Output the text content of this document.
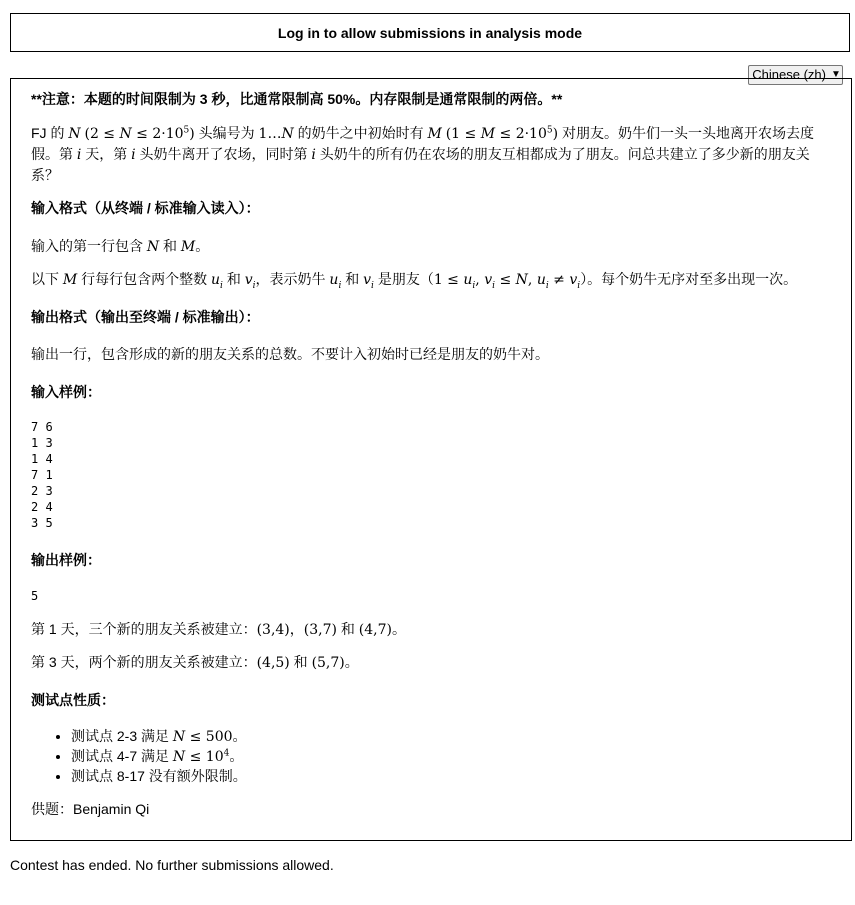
Log in to allow submissions in analysis mode
Chinese (zh) ▼

**注意：本题的时间限制为 3 秒，比通常限制高 50%。内存限制是通常限制的两倍。**

FJ 的 N $(2 \le N \le 2\cdot 10^5)$ 头编号为 1…N 的奶牛之中初始时有 M $(1 \le M \le 2\cdot 10^5)$ 对朋友。奶牛们一头一头地离开农场去度假。第 i 天，第 i 头奶牛离开了农场，同时第 i 头奶牛的所有仍在农场的朋友互相都成为了朋友。问总共建立了多少新的朋友关系？

输入格式（从终端 / 标准输入读入）：

输入的第一行包含 N 和 M。

以下 M 行每行包含两个整数 $u_i$ 和 $v_i$，表示奶牛 $u_i$ 和 $v_i$ 是朋友（$1 \le u_i$, $v_i \le N$, $u_i \ne v_i$）。每个奶牛无序对至多出现一次。

输出格式（输出至终端 / 标准输出）：

输出一行，包含形成的新的朋友关系的总数。不要计入初始时已经是朋友的奶牛对。

输入样例：

7 6
1 3
1 4
7 1
2 3
2 4
3 5

输出样例：

5

第 1 天，三个新的朋友关系被建立：(3,4)，(3,7) 和 (4,7)。

第 3 天，两个新的朋友关系被建立：(4,5) 和 (5,7)。

测试点性质：

• 测试点 2-3 满足 N ≤ 500。
• 测试点 4-7 满足 $N \le 10^4$。
• 测试点 8-17 没有额外限制。

供题：Benjamin Qi

Contest has ended. No further submissions allowed.
